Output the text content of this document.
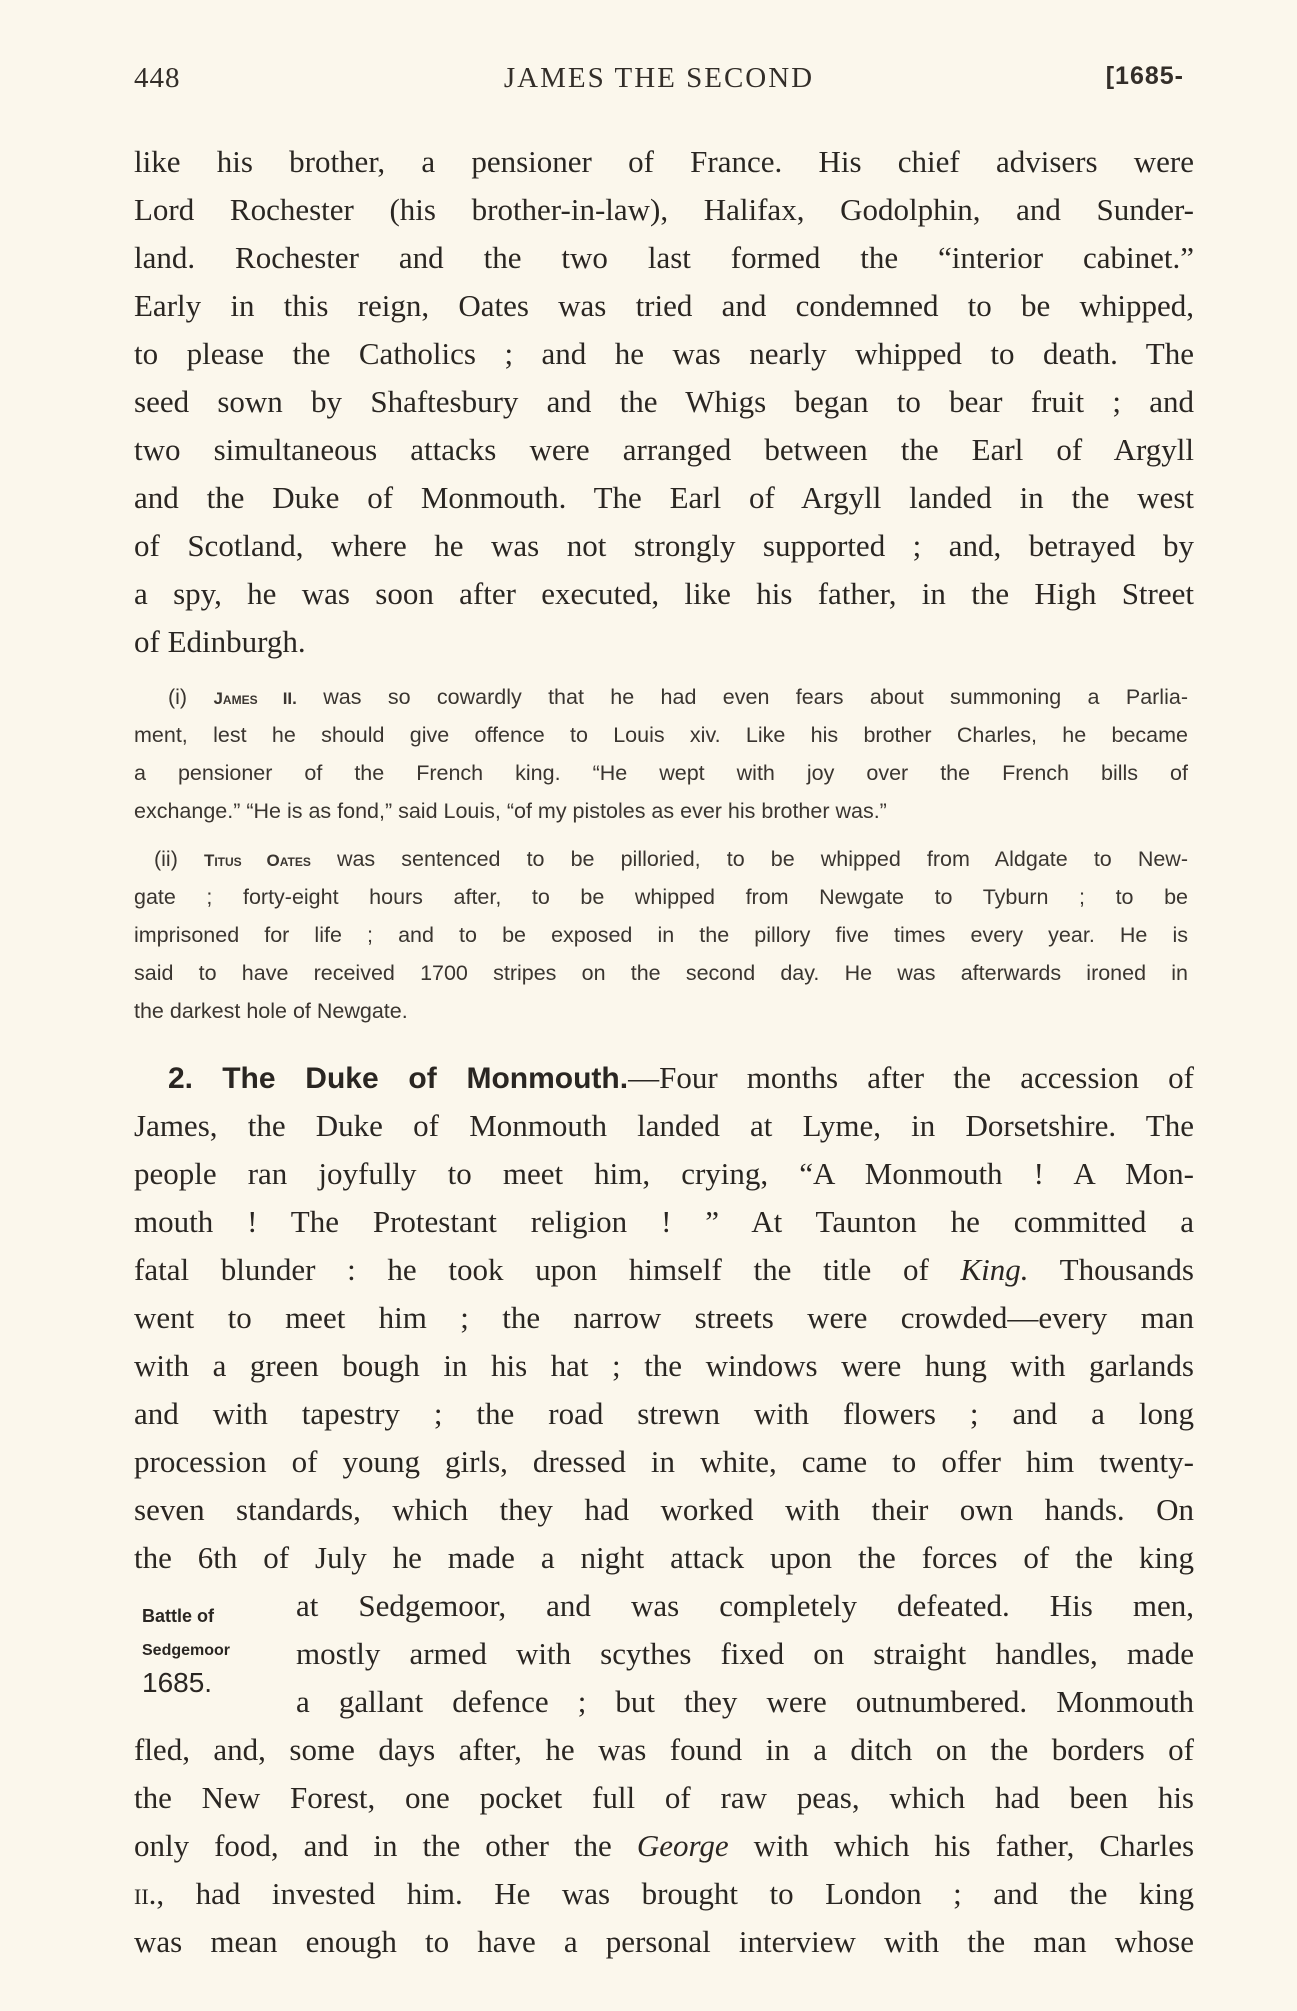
448	JAMES THE SECOND	[1685-
like his brother, a pensioner of France. His chief advisers were
Lord Rochester (his brother-in-law), Halifax, Godolphin, and Sunder-
land. Rochester and the two last formed the “interior cabinet.”
Early in this reign, Oates was tried and condemned to be whipped,
to please the Catholics ; and he was nearly whipped to death. The
seed sown by Shaftesbury and the Whigs began to bear fruit ; and
two simultaneous attacks were arranged between the Earl of Argyll
and the Duke of Monmouth. The Earl of Argyll landed in the west
of Scotland, where he was not strongly supported ; and, betrayed by
a spy, he was soon after executed, like his father, in the High Street
of Edinburgh.
(i) James II. was so cowardly that he had even fears about summoning a Parlia-
ment, lest he should give offence to Louis xiv. Like his brother Charles, he became
a pensioner of the French king. “He wept with joy over the French bills of
exchange.” “He is as fond,” said Louis, “of my pistoles as ever his brother was.”
(ii) Titus Oates was sentenced to be pilloried, to be whipped from Aldgate to New-
gate ; forty-eight hours after, to be whipped from Newgate to Tyburn ; to be
imprisoned for life ; and to be exposed in the pillory five times every year. He is
said to have received 1700 stripes on the second day. He was afterwards ironed in
the darkest hole of Newgate.
2. The Duke of Monmouth.—Four months after the accession of
James, the Duke of Monmouth landed at Lyme, in Dorsetshire. The
people ran joyfully to meet him, crying, “A Monmouth ! A Mon-
mouth ! The Protestant religion ! ” At Taunton he committed a
fatal blunder : he took upon himself the title of King. Thousands
went to meet him ; the narrow streets were crowded—every man
with a green bough in his hat ; the windows were hung with garlands
and with tapestry ; the road strewn with flowers ; and a long
procession of young girls, dressed in white, came to offer him twenty-
seven standards, which they had worked with their own hands. On
the 6th of July he made a night attack upon the forces of the king
Battle of
Sedgemoor
1685.
at Sedgemoor, and was completely defeated. His men,
mostly armed with scythes fixed on straight handles, made
a gallant defence ; but they were outnumbered. Monmouth
fled, and, some days after, he was found in a ditch on the borders of
the New Forest, one pocket full of raw peas, which had been his
only food, and in the other the George with which his father, Charles
ii., had invested him. He was brought to London ; and the king
was mean enough to have a personal interview with the man whose
